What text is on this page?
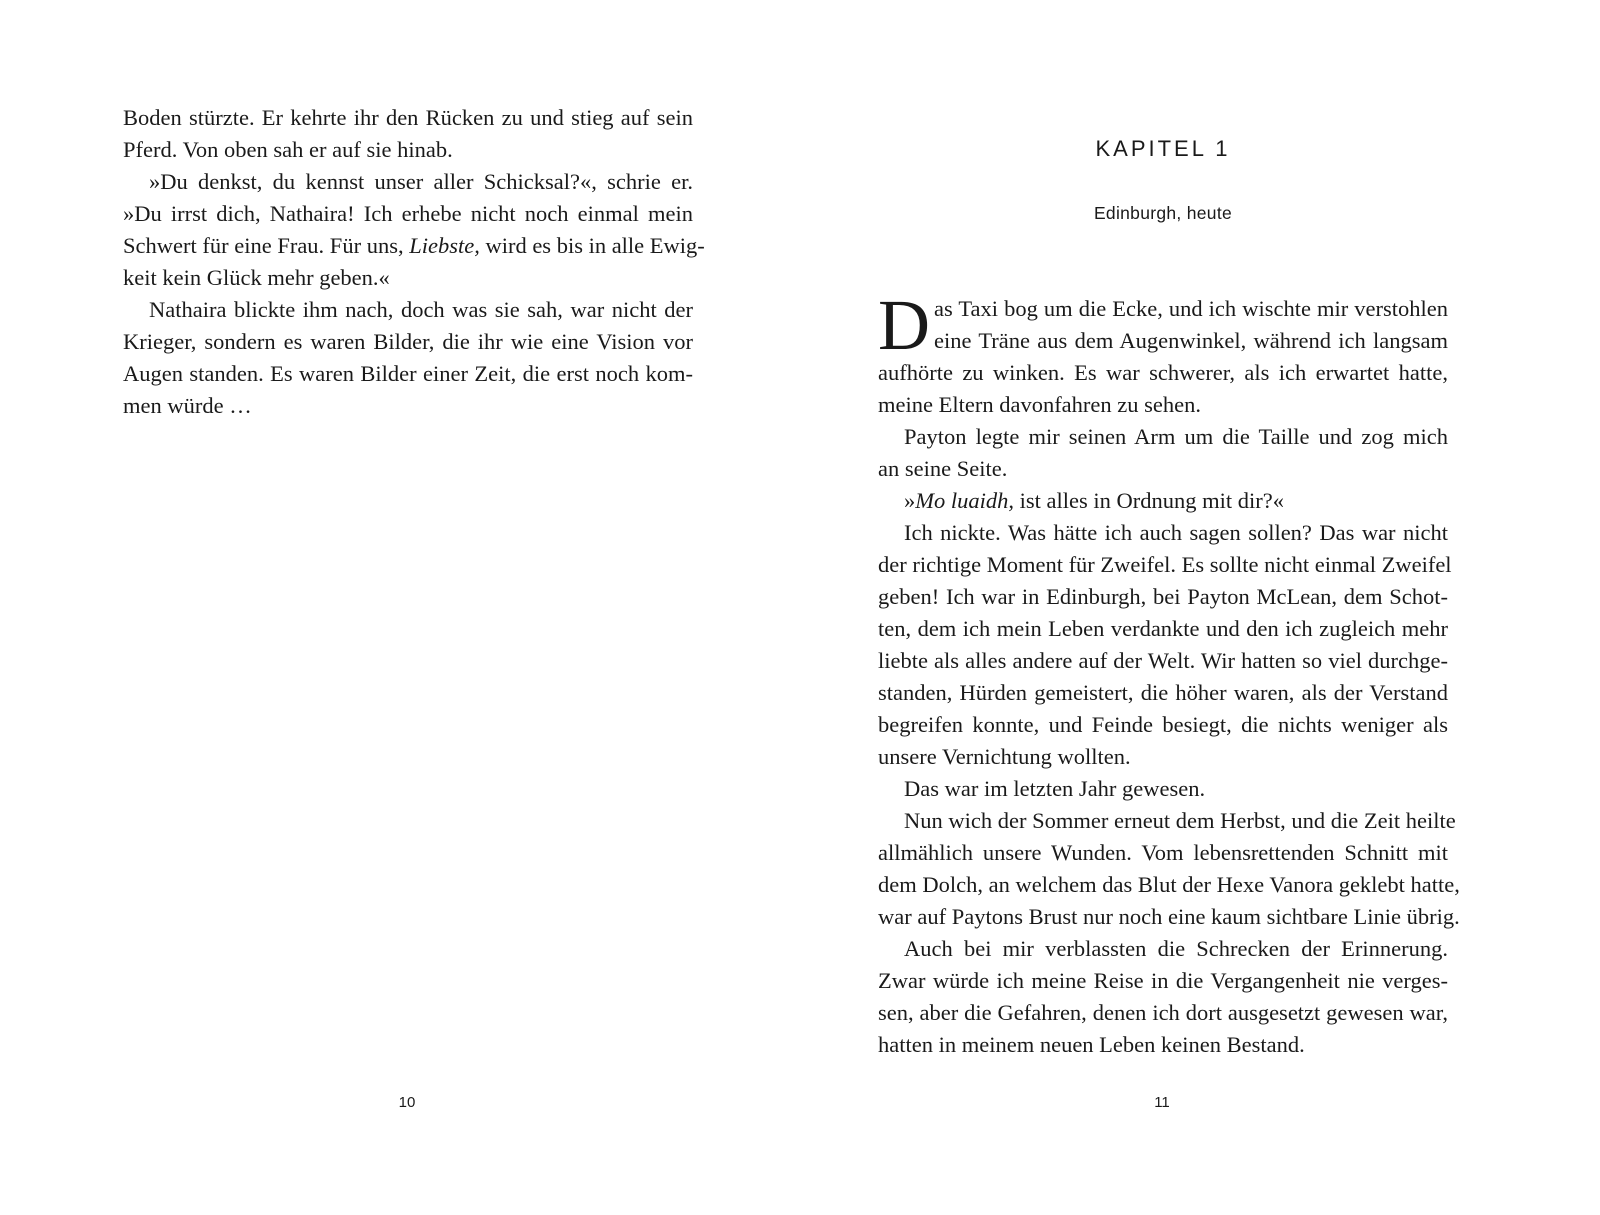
Boden stürzte. Er kehrte ihr den Rücken zu und stieg auf sein
Pferd. Von oben sah er auf sie hinab.
»Du denkst, du kennst unser aller Schicksal?«, schrie er.
»Du irrst dich, Nathaira! Ich erhebe nicht noch einmal mein
Schwert für eine Frau. Für uns, Liebste, wird es bis in alle Ewig-
keit kein Glück mehr geben.«
Nathaira blickte ihm nach, doch was sie sah, war nicht der
Krieger, sondern es waren Bilder, die ihr wie eine Vision vor
Augen standen. Es waren Bilder einer Zeit, die erst noch kom-
men würde …
10
KAPITEL 1
Edinburgh, heute
D as Taxi bog um die Ecke, und ich wischte mir verstohlen
eine Träne aus dem Augenwinkel, während ich langsam
aufhörte zu winken. Es war schwerer, als ich erwartet hatte,
meine Eltern davonfahren zu sehen.
Payton legte mir seinen Arm um die Taille und zog mich
an seine Seite.
»Mo luaidh, ist alles in Ordnung mit dir?«
Ich nickte. Was hätte ich auch sagen sollen? Das war nicht
der richtige Moment für Zweifel. Es sollte nicht einmal Zweifel
geben! Ich war in Edinburgh, bei Payton McLean, dem Schot-
ten, dem ich mein Leben verdankte und den ich zugleich mehr
liebte als alles andere auf der Welt. Wir hatten so viel durchge-
standen, Hürden gemeistert, die höher waren, als der Verstand
begreifen konnte, und Feinde besiegt, die nichts weniger als
unsere Vernichtung wollten.
Das war im letzten Jahr gewesen.
Nun wich der Sommer erneut dem Herbst, und die Zeit heilte
allmählich unsere Wunden. Vom lebensrettenden Schnitt mit
dem Dolch, an welchem das Blut der Hexe Vanora geklebt hatte,
war auf Paytons Brust nur noch eine kaum sichtbare Linie übrig.
Auch bei mir verblassten die Schrecken der Erinnerung.
Zwar würde ich meine Reise in die Vergangenheit nie verges-
sen, aber die Gefahren, denen ich dort ausgesetzt gewesen war,
hatten in meinem neuen Leben keinen Bestand.
11
